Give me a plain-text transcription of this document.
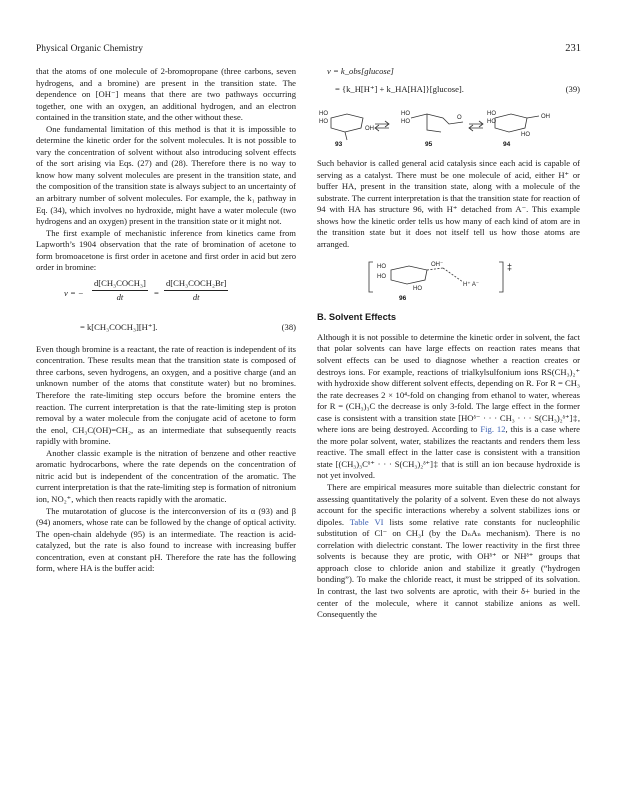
Physical Organic Chemistry	231

that the atoms of one molecule of 2-bromopropane (three carbons, seven hydrogens, and a bromine) are present in the transition state. The dependence on [OH⁻] means that there are two pathways occurring together, one with an oxygen, an additional hydrogen, and an electron contained in the transition state, and the other without these.

One fundamental limitation of this method is that it is impossible to determine the kinetic order for the solvent molecules. It is not possible to vary the concentration of solvent without also introducing solvent effects of the sort arising via Eqs. (27) and (28). Therefore there is no way to know how many solvent molecules are present in the transition state, and the composition of the transition state is always subject to an uncertainty of an arbitrary number of solvent molecules. For example, the k₁ pathway in Eq. (34), which involves no hydroxide, might have a water molecule (two hydrogens and an oxygen) present in the transition state or it might not.

The first example of mechanistic inference from kinetics came from Lapworth’s 1904 observation that the rate of bromination of acetone to form bromoacetone is first order in acetone and first order in acid but zero order in bromine:

v = −
d[CH₃COCH₃]
dt	=
d[CH₃COCH₂Br]
dt
= k[CH₃COCH₃][H⁺].	(38)

Even though bromine is a reactant, the rate of reaction is independent of its concentration. These results mean that the transition state is composed of three carbons, seven hydrogens, an oxygen, and a positive charge (and an unknown number of the atoms that constitute water) but no bromines. Therefore the rate-limiting step occurs before the bromine enters the reaction. The current interpretation is that the rate-limiting step is proton removal by a water molecule from the conjugate acid of acetone to form the enol, CH₃C(OH)=CH₂, as an intermediate that subsequently reacts rapidly with bromine.

Another classic example is the nitration of benzene and other reactive aromatic hydrocarbons, where the rate depends on the concentration of nitric acid but is independent of the concentration of the aromatic. The current interpretation is that the rate-limiting step is formation of nitronium ion, NO₂⁺, which then reacts rapidly with the aromatic.

The mutarotation of glucose is the interconversion of its α (93) and β (94) anomers, whose rate can be followed by the change of optical activity. The open-chain aldehyde (95) is an intermediate. The reaction is acid-catalyzed, but the rate is also found to increase with increasing buffer concentration, even at constant pH. Therefore the rate has the following form, where HA is the buffer acid:

v = k_obs[glucose]
= {k_H[H⁺] + k_HA[HA]}[glucose].	(39)
HO
HO
OH
HO
HO
O
HO
HO
OH
HO
93	95	94

Such behavior is called general acid catalysis since each acid is capable of serving as a catalyst. There must be one molecule of acid, either H⁺ or buffer HA, present in the transition state, along with a molecule of the substrate. The current interpretation is that the transition state for reaction of 94 with HA has structure 96, with H⁺ detached from A⁻. This example shows how the kinetic order tells us how many of each kind of atom are in the transition state but it does not itself tell us how those atoms are arranged.

HO
HO
OH⁻
H⁺ A⁻
HO
‡
96
B. Solvent Effects

Although it is not possible to determine the kinetic order in solvent, the fact that polar solvents can have large effects on reaction rates means that solvent effects can be used to diagnose whether a reaction creates or destroys ions. For example, reactions of trialkylsulfonium ions RS(CH₃)₂⁺ with hydroxide show different solvent effects, depending on R. For R = CH₃ the rate decreases 2 × 10⁴-fold on changing from ethanol to water, whereas for R = (CH₃)₃C the decrease is only 3-fold. The large effect in the former case is consistent with a transition state [HOᵟ⁻ · · · CH₃ · · · S(CH₃)₂ᵟ⁺]‡, where ions are being destroyed. According to Fig. 12, this is a case where the more polar solvent, water, stabilizes the reactants and renders them less reactive. The small effect in the latter case is consistent with a transition state [(CH₃)₃Cᵟ⁺ · · · S(CH₃)₂ᵟ⁺]‡ that is still an ion because hydroxide is not yet involved.

There are empirical measures more suitable than dielectric constant for assessing quantitatively the polarity of a solvent. Even these do not always account for the specific interactions whereby a solvent stabilizes ions or dipoles. Table VI lists some relative rate constants for nucleophilic substitution of Cl⁻ on CH₃I (by the DₙAₙ mechanism). There is no correlation with dielectric constant. The lower reactivity in the first three solvents is because they are protic, with OHᵟ⁺ or NHᵟ⁺ groups that approach close to chloride anion and stabilize it greatly (“hydrogen bonding”). To make the chloride react, it must be stripped of its solvation. In contrast, the last two solvents are aprotic, with their δ+ buried in the center of the molecule, where it cannot stabilize anions as well. Consequently the
